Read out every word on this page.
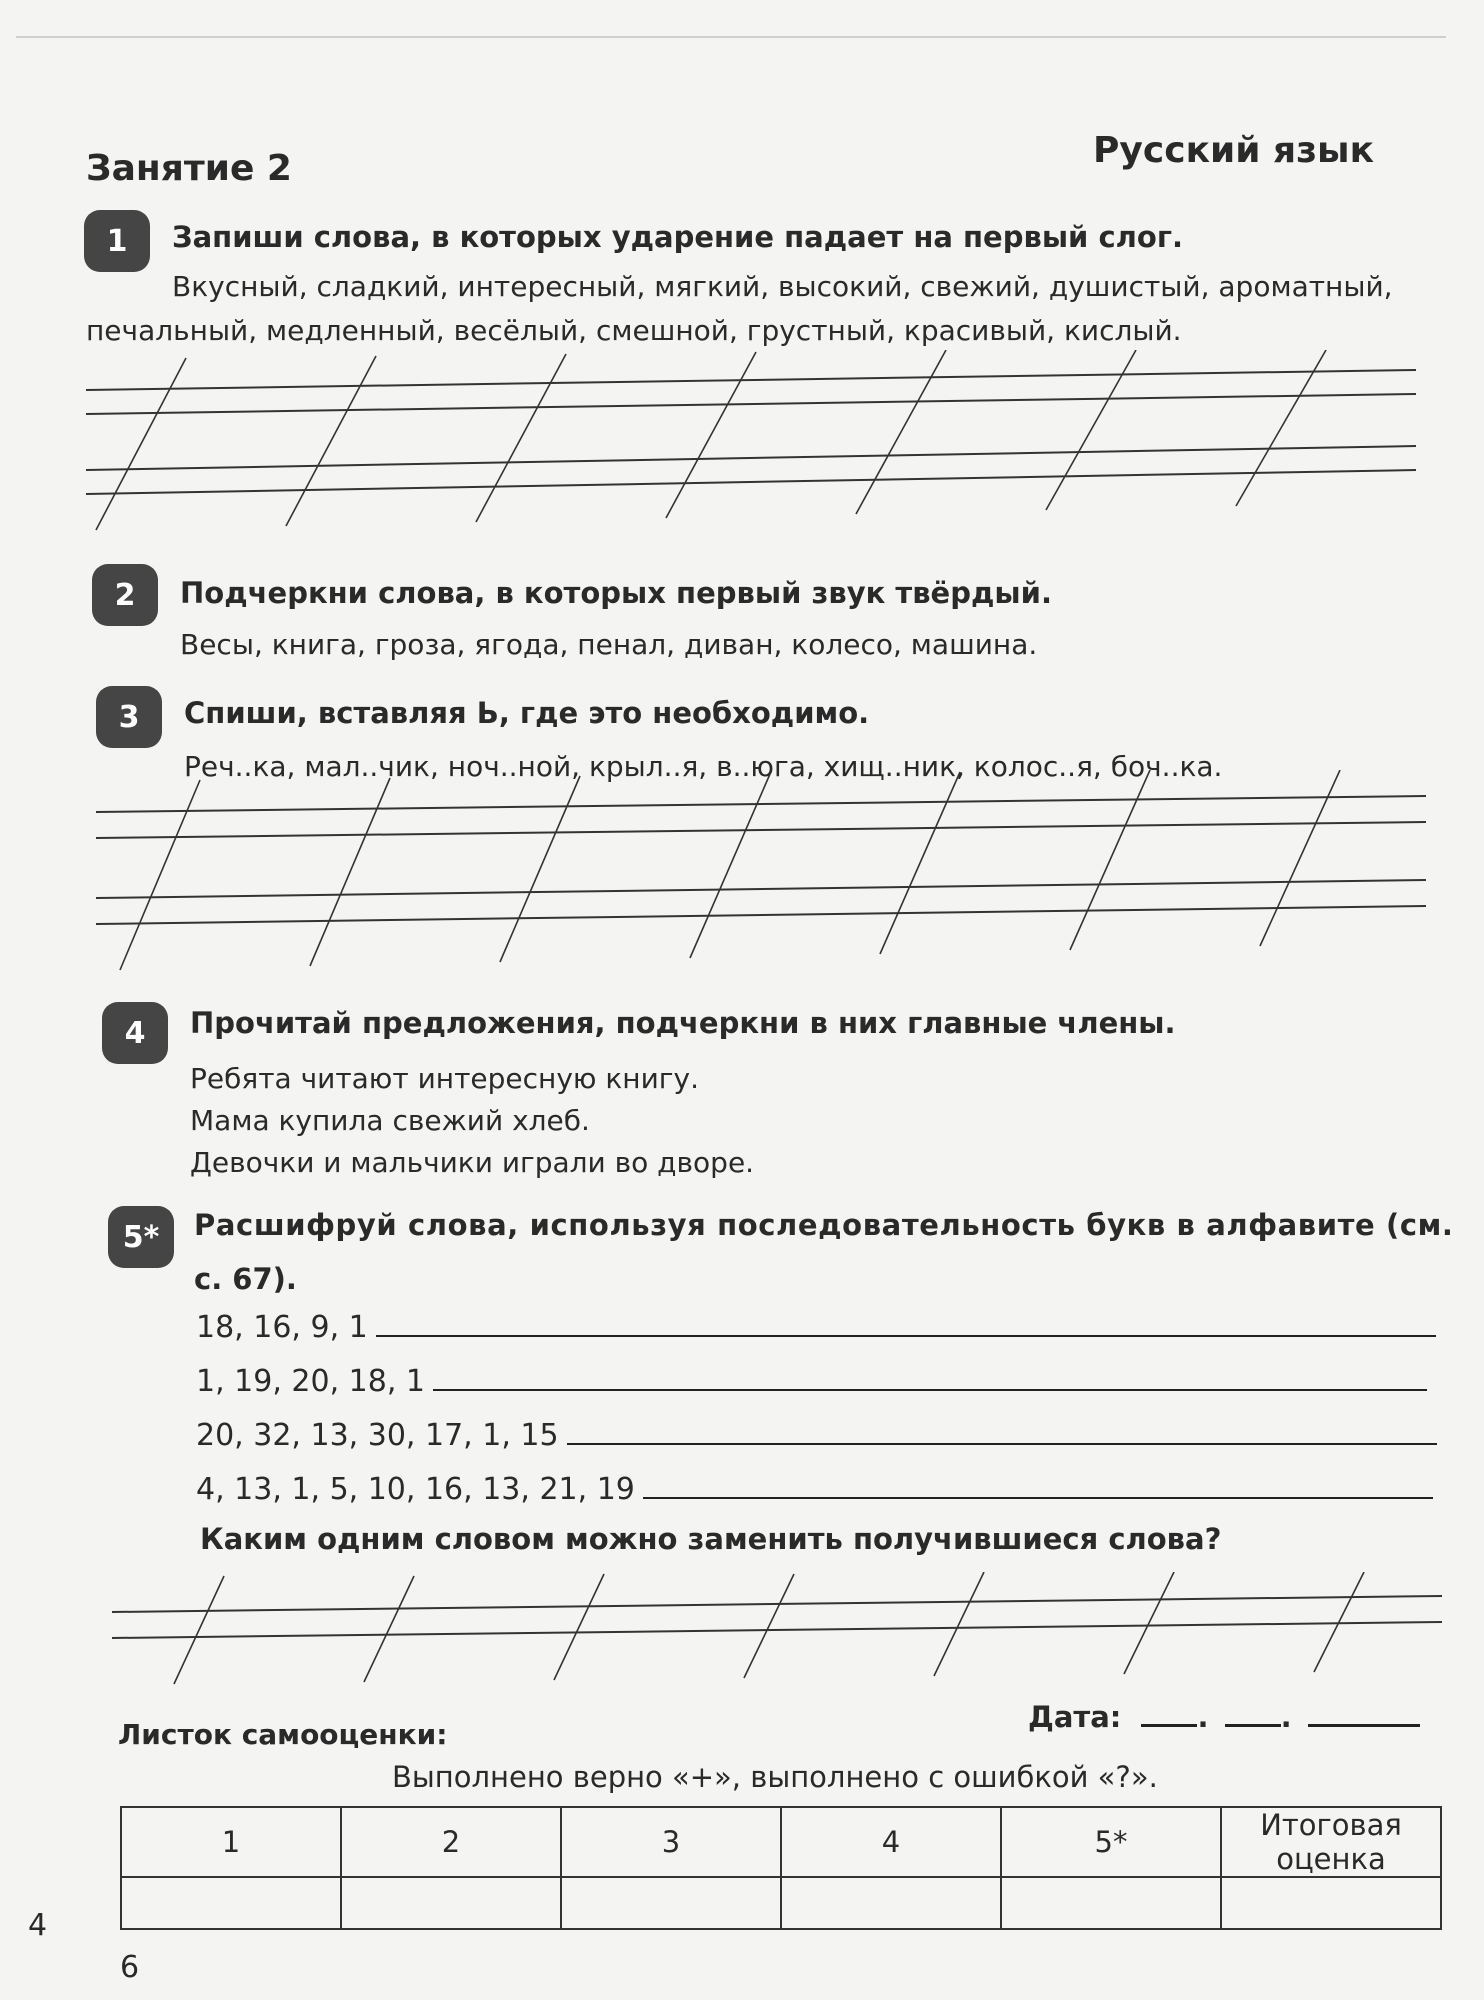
Занятие 2	Русский язык
1	Запиши слова, в которых ударение падает на первый слог.
Вкусный, сладкий, интересный, мягкий, высокий, свежий, душистый, ароматный,
печальный, медленный, весёлый, смешной, грустный, красивый, кислый.
2	Подчеркни слова, в которых первый звук твёрдый.
Весы, книга, гроза, ягода, пенал, диван, колесо, машина.
3	Спиши, вставляя Ь, где это необходимо.
Реч..ка, мал..чик, ноч..ной, крыл..я, в..юга, хищ..ник, колос..я, боч..ка.
4	Прочитай предложения, подчеркни в них главные члены.
Ребята читают интересную книгу.
Мама купила свежий хлеб.
Девочки и мальчики играли во дворе.
5*	Расшифруй слова, используя последовательность букв в алфавите (см.
с. 67).
18, 16, 9, 1
1, 19, 20, 18, 1
20, 32, 13, 30, 17, 1, 15
4, 13, 1, 5, 10, 16, 13, 21, 19
Каким одним словом можно заменить получившиеся слова?
Листок самооценки:
Дата:	. .
Выполнено верно «+», выполнено с ошибкой «?».
1	2	3	4	5*	Итоговая оценка

4
6
